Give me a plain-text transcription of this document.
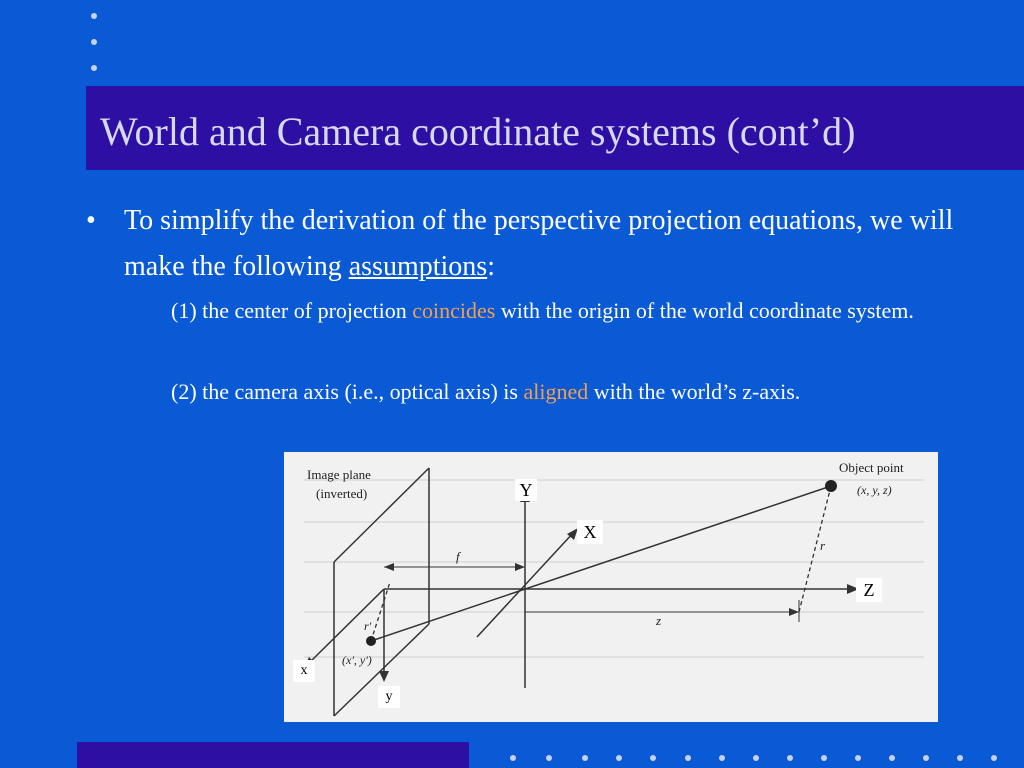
World and Camera coordinate systems (cont’d)
• To simplify the derivation of the perspective projection equations, we will make the following assumptions:
(1) the center of projection coincides with the origin of the world coordinate system.
(2) the camera axis (i.e., optical axis) is aligned with the world’s z-axis.
Image plane
(inverted)
Object point
(x, y, z)
f
z
r
r'
(x', y')
Y
X
Z
x
y
